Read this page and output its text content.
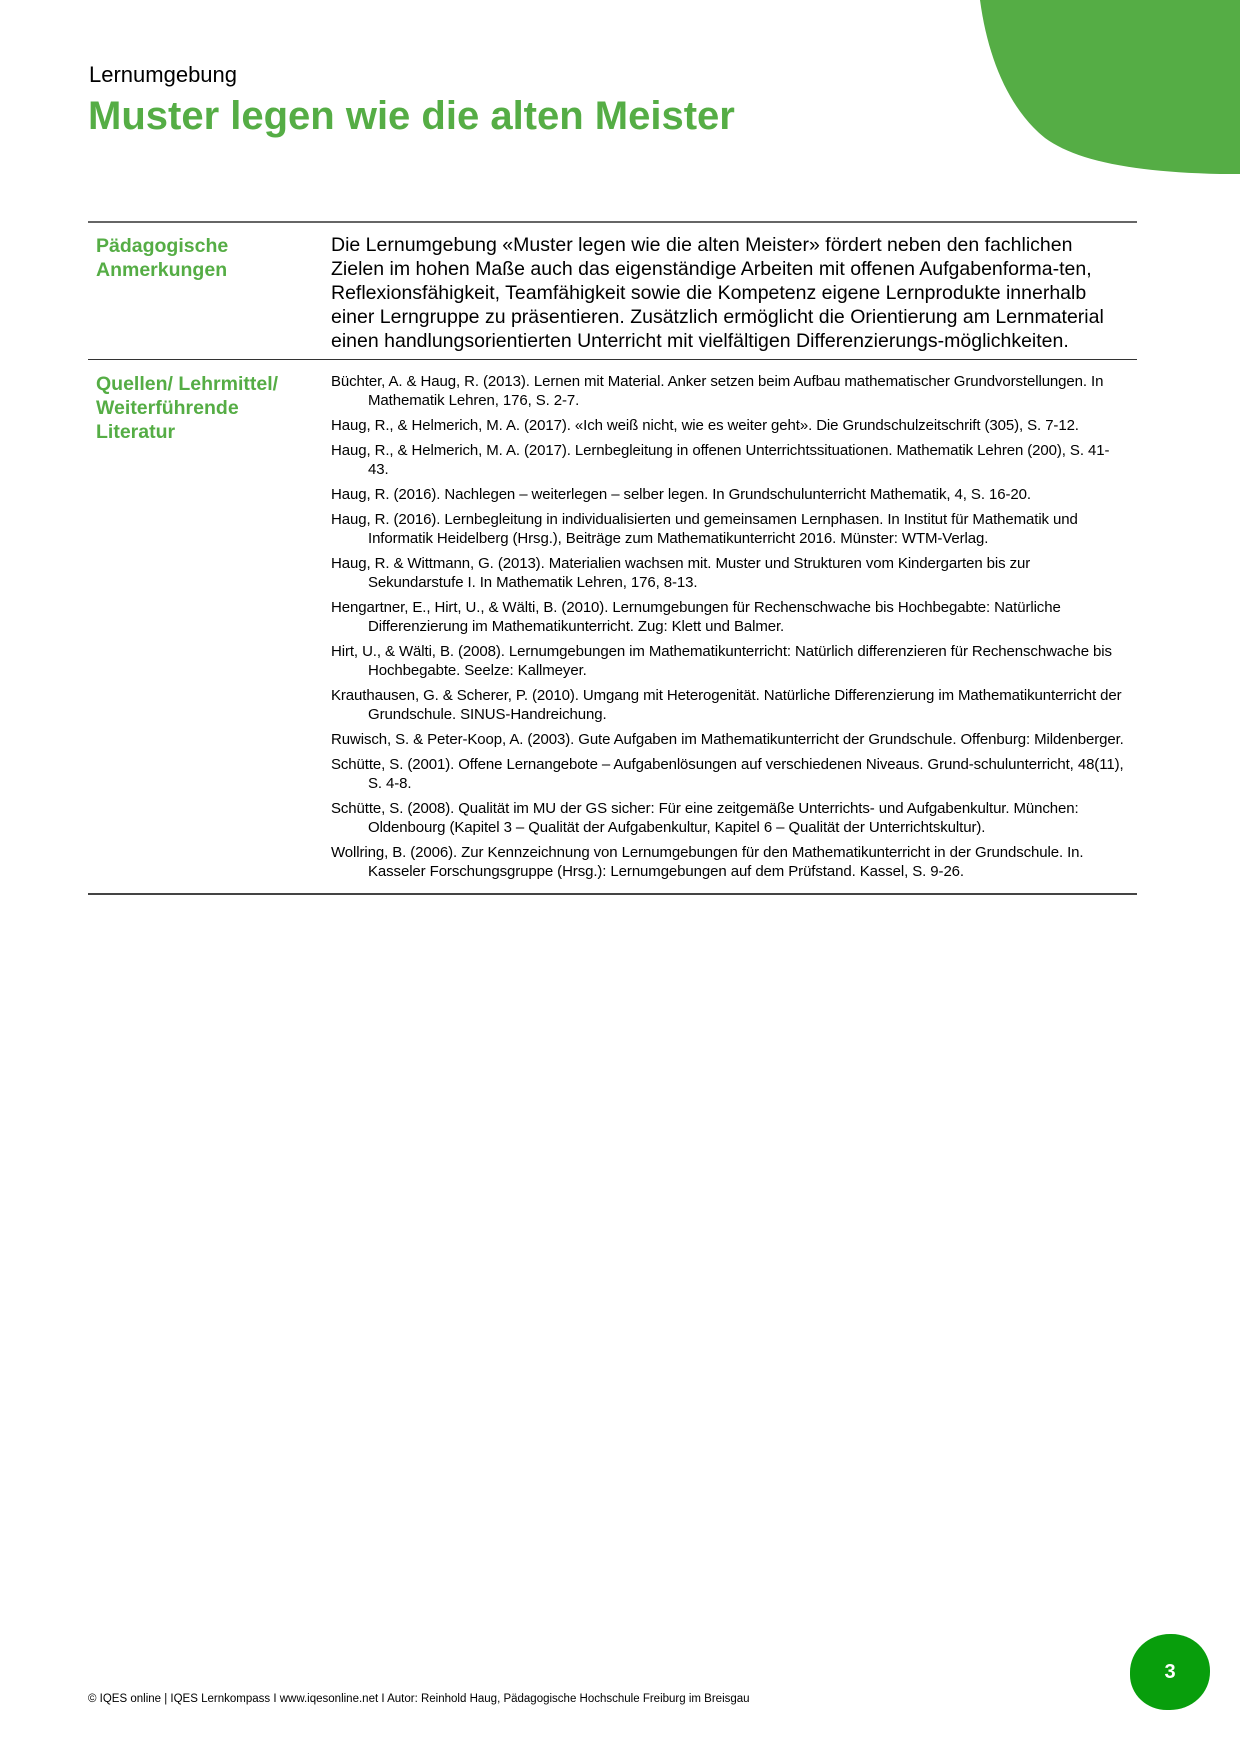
Lernumgebung
Muster legen wie die alten Meister
Pädagogische
Anmerkungen
Die Lernumgebung «Muster legen wie die alten Meister» fördert neben den fachlichen Zielen im hohen Maße auch das eigenständige Arbeiten mit offenen Aufgabenforma-ten, Reflexionsfähigkeit, Teamfähigkeit sowie die Kompetenz eigene Lernprodukte innerhalb einer Lerngruppe zu präsentieren. Zusätzlich ermöglicht die Orientierung am Lernmaterial einen handlungsorientierten Unterricht mit vielfältigen Differenzierungs-möglichkeiten.
Quellen/ Lehrmittel/
Weiterführende
Literatur
Büchter, A. & Haug, R. (2013). Lernen mit Material. Anker setzen beim Aufbau mathematischer Grundvorstellungen. In Mathematik Lehren, 176, S. 2-7.
Haug, R., & Helmerich, M. A. (2017). «Ich weiß nicht, wie es weiter geht». Die Grundschulzeitschrift (305), S. 7-12.
Haug, R., & Helmerich, M. A. (2017). Lernbegleitung in offenen Unterrichtssituationen. Mathematik Lehren (200), S. 41-43.
Haug, R. (2016). Nachlegen – weiterlegen – selber legen. In Grundschulunterricht Mathematik, 4, S. 16-20.
Haug, R. (2016). Lernbegleitung in individualisierten und gemeinsamen Lernphasen. In Institut für Mathematik und Informatik Heidelberg (Hrsg.), Beiträge zum Mathematikunterricht 2016. Münster: WTM-Verlag.
Haug, R. & Wittmann, G. (2013). Materialien wachsen mit. Muster und Strukturen vom Kindergarten bis zur Sekundarstufe I. In Mathematik Lehren, 176, 8-13.
Hengartner, E., Hirt, U., & Wälti, B. (2010). Lernumgebungen für Rechenschwache bis Hochbegabte: Natürliche Differenzierung im Mathematikunterricht. Zug: Klett und Balmer.
Hirt, U., & Wälti, B. (2008). Lernumgebungen im Mathematikunterricht: Natürlich differenzieren für Rechenschwache bis Hochbegabte. Seelze: Kallmeyer.
Krauthausen, G. & Scherer, P. (2010). Umgang mit Heterogenität. Natürliche Differenzierung im Mathematikunterricht der Grundschule. SINUS-Handreichung.
Ruwisch, S. & Peter-Koop, A. (2003). Gute Aufgaben im Mathematikunterricht der Grundschule. Offenburg: Mildenberger.
Schütte, S. (2001). Offene Lernangebote – Aufgabenlösungen auf verschiedenen Niveaus. Grund-schulunterricht, 48(11), S. 4-8.
Schütte, S. (2008). Qualität im MU der GS sicher: Für eine zeitgemäße Unterrichts- und Aufgabenkultur. München: Oldenbourg (Kapitel 3 – Qualität der Aufgabenkultur, Kapitel 6 – Qualität der Unterrichtskultur).
Wollring, B. (2006). Zur Kennzeichnung von Lernumgebungen für den Mathematikunterricht in der Grundschule. In. Kasseler Forschungsgruppe (Hrsg.): Lernumgebungen auf dem Prüfstand. Kassel, S. 9-26.
© IQES online | IQES Lernkompass I www.iqesonline.net I Autor: Reinhold Haug, Pädagogische Hochschule Freiburg im Breisgau
3
